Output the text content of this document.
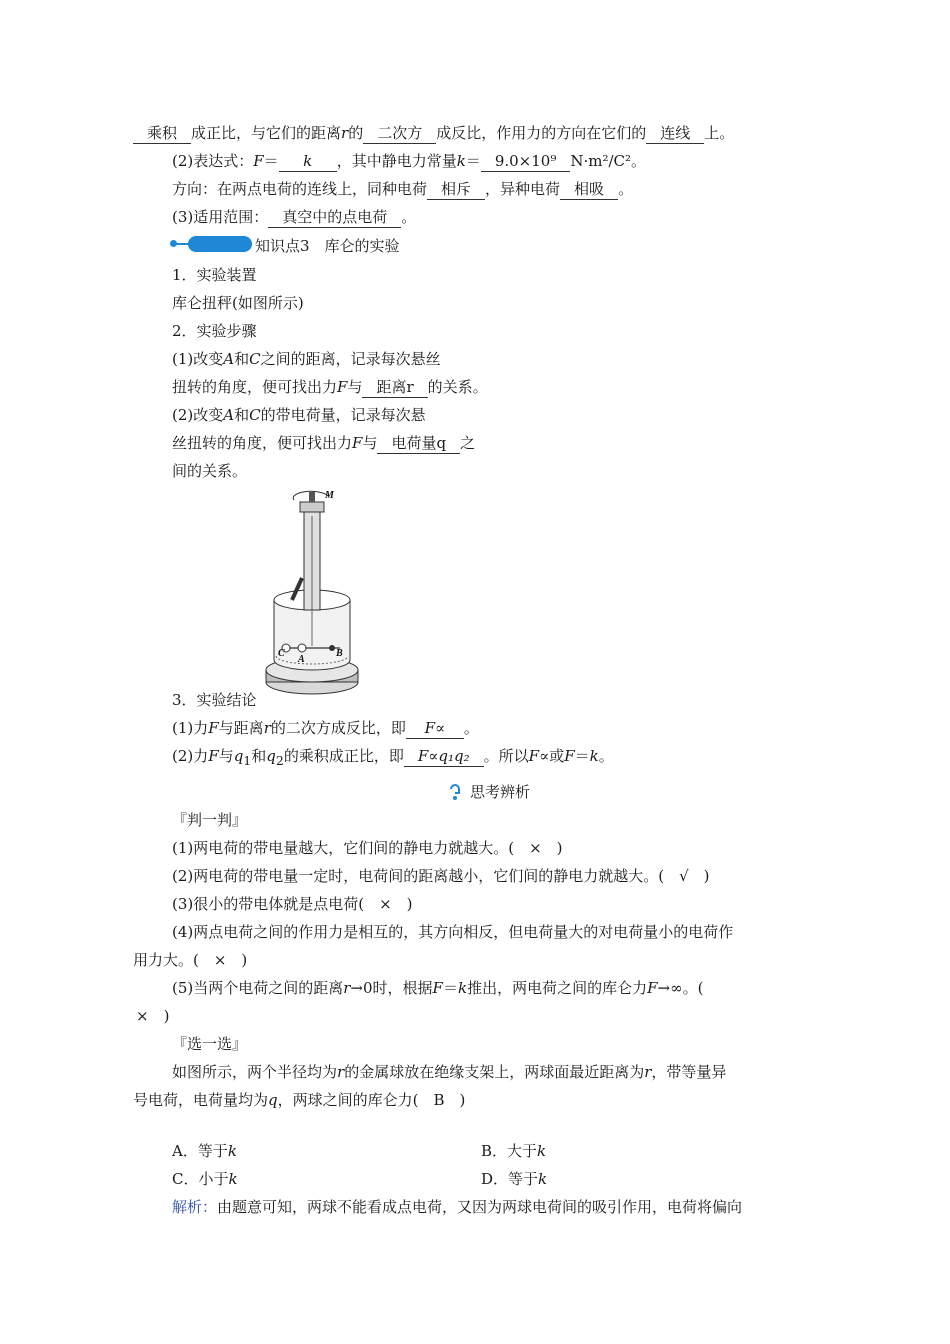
乘积 成正比，与它们的距离r的 二次方 成反比，作用力的方向在它们的 连线 上。
(2)表达式：F＝ k ，其中静电力常量k＝ 9.0×10⁹ N·m²/C²。
方向：在两点电荷的连线上，同种电荷 相斥 ，异种电荷 相吸 。
(3)适用范围： 真空中的点电荷 。
知识点3　库仑的实验
1．实验装置
库仑扭秤(如图所示)
2．实验步骤
(1)改变A和C之间的距离，记录每次悬丝
扭转的角度，便可找出力F与 距离r 的关系。
(2)改变A和C的带电荷量，记录每次悬
丝扭转的角度，便可找出力F与 电荷量q 之
间的关系。
M
C
A
B
3．实验结论
(1)力F与距离r的二次方成反比，即 F∝ 。
(2)力F与$q_1$和$q_2$的乘积成正比，即 F∝q₁q₂ 。所以F∝或F＝k。
思考辨析
『判一判』
(1)两电荷的带电量越大，它们间的静电力就越大。(　×　)
(2)两电荷的带电量一定时，电荷间的距离越小，它们间的静电力就越大。(　√　)
(3)很小的带电体就是点电荷(　×　)
(4)两点电荷之间的作用力是相互的，其方向相反，但电荷量大的对电荷量小的电荷作
用力大。(　×　)
(5)当两个电荷之间的距离r→0时，根据F＝k推出，两电荷之间的库仑力F→∞。(
×　)
『选一选』
如图所示，两个半径均为r的金属球放在绝缘支架上，两球面最近距离为r，带等量异
号电荷，电荷量均为q，两球之间的库仑力(　B　)
A．等于k	B．大于k
C．小于k	D．等于k
解析：由题意可知，两球不能看成点电荷，又因为两球电荷间的吸引作用，电荷将偏向
